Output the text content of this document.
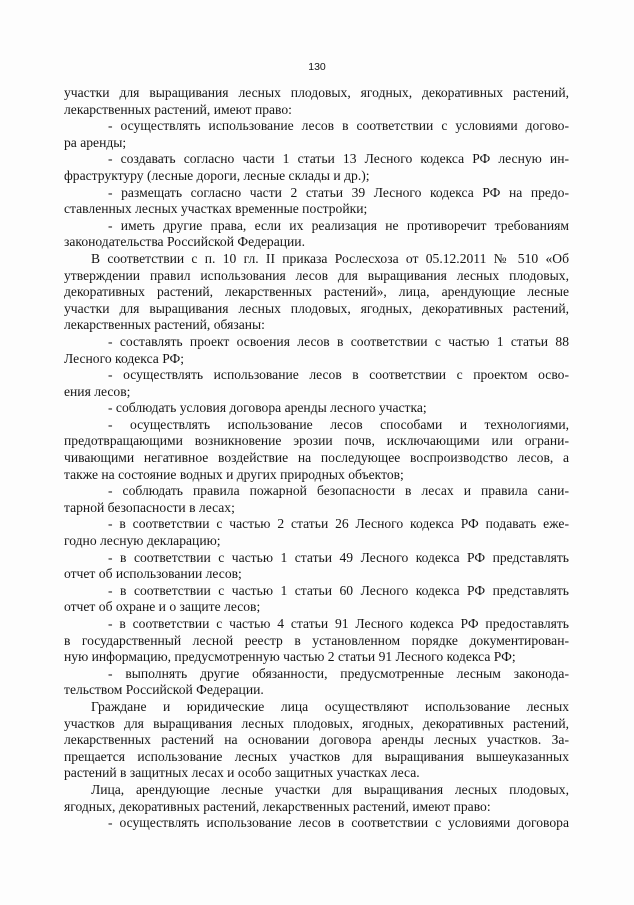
130

участки для выращивания лесных плодовых, ягодных, декоративных растений,

лекарственных растений, имеют право:

- осуществлять использование лесов в соответствии с условиями догово-

ра аренды;

- создавать согласно части 1 статьи 13 Лесного кодекса РФ лесную ин-

фраструктуру (лесные дороги, лесные склады и др.);

- размещать согласно части 2 статьи 39 Лесного кодекса РФ на предо-

ставленных лесных участках временные постройки;

- иметь другие права, если их реализация не противоречит требованиям

законодательства Российской Федерации.

В соответствии с п. 10 гл. II приказа Рослесхоза от 05.12.2011 № 510 «Об

утверждении правил использования лесов для выращивания лесных плодовых,

декоративных растений, лекарственных растений», лица, арендующие лесные

участки для выращивания лесных плодовых, ягодных, декоративных растений,

лекарственных растений, обязаны:

- составлять проект освоения лесов в соответствии с частью 1 статьи 88

Лесного кодекса РФ;

- осуществлять использование лесов в соответствии с проектом осво-

ения лесов;

- соблюдать условия договора аренды лесного участка;

- осуществлять использование лесов способами и технологиями,

предотвращающими возникновение эрозии почв, исключающими или ограни-

чивающими негативное воздействие на последующее воспроизводство лесов, а

также на состояние водных и других природных объектов;

- соблюдать правила пожарной безопасности в лесах и правила сани-

тарной безопасности в лесах;

- в соответствии с частью 2 статьи 26 Лесного кодекса РФ подавать еже-

годно лесную декларацию;

- в соответствии с частью 1 статьи 49 Лесного кодекса РФ представлять

отчет об использовании лесов;

- в соответствии с частью 1 статьи 60 Лесного кодекса РФ представлять

отчет об охране и о защите лесов;

- в соответствии с частью 4 статьи 91 Лесного кодекса РФ предоставлять

в государственный лесной реестр в установленном порядке документирован-

ную информацию, предусмотренную частью 2 статьи 91 Лесного кодекса РФ;

- выполнять другие обязанности, предусмотренные лесным законода-

тельством Российской Федерации.

Граждане и юридические лица осуществляют использование лесных

участков для выращивания лесных плодовых, ягодных, декоративных растений,

лекарственных растений на основании договора аренды лесных участков. За-

прещается использование лесных участков для выращивания вышеуказанных

растений в защитных лесах и особо защитных участках леса.

Лица, арендующие лесные участки для выращивания лесных плодовых,

ягодных, декоративных растений, лекарственных растений, имеют право:

- осуществлять использование лесов в соответствии с условиями договора
